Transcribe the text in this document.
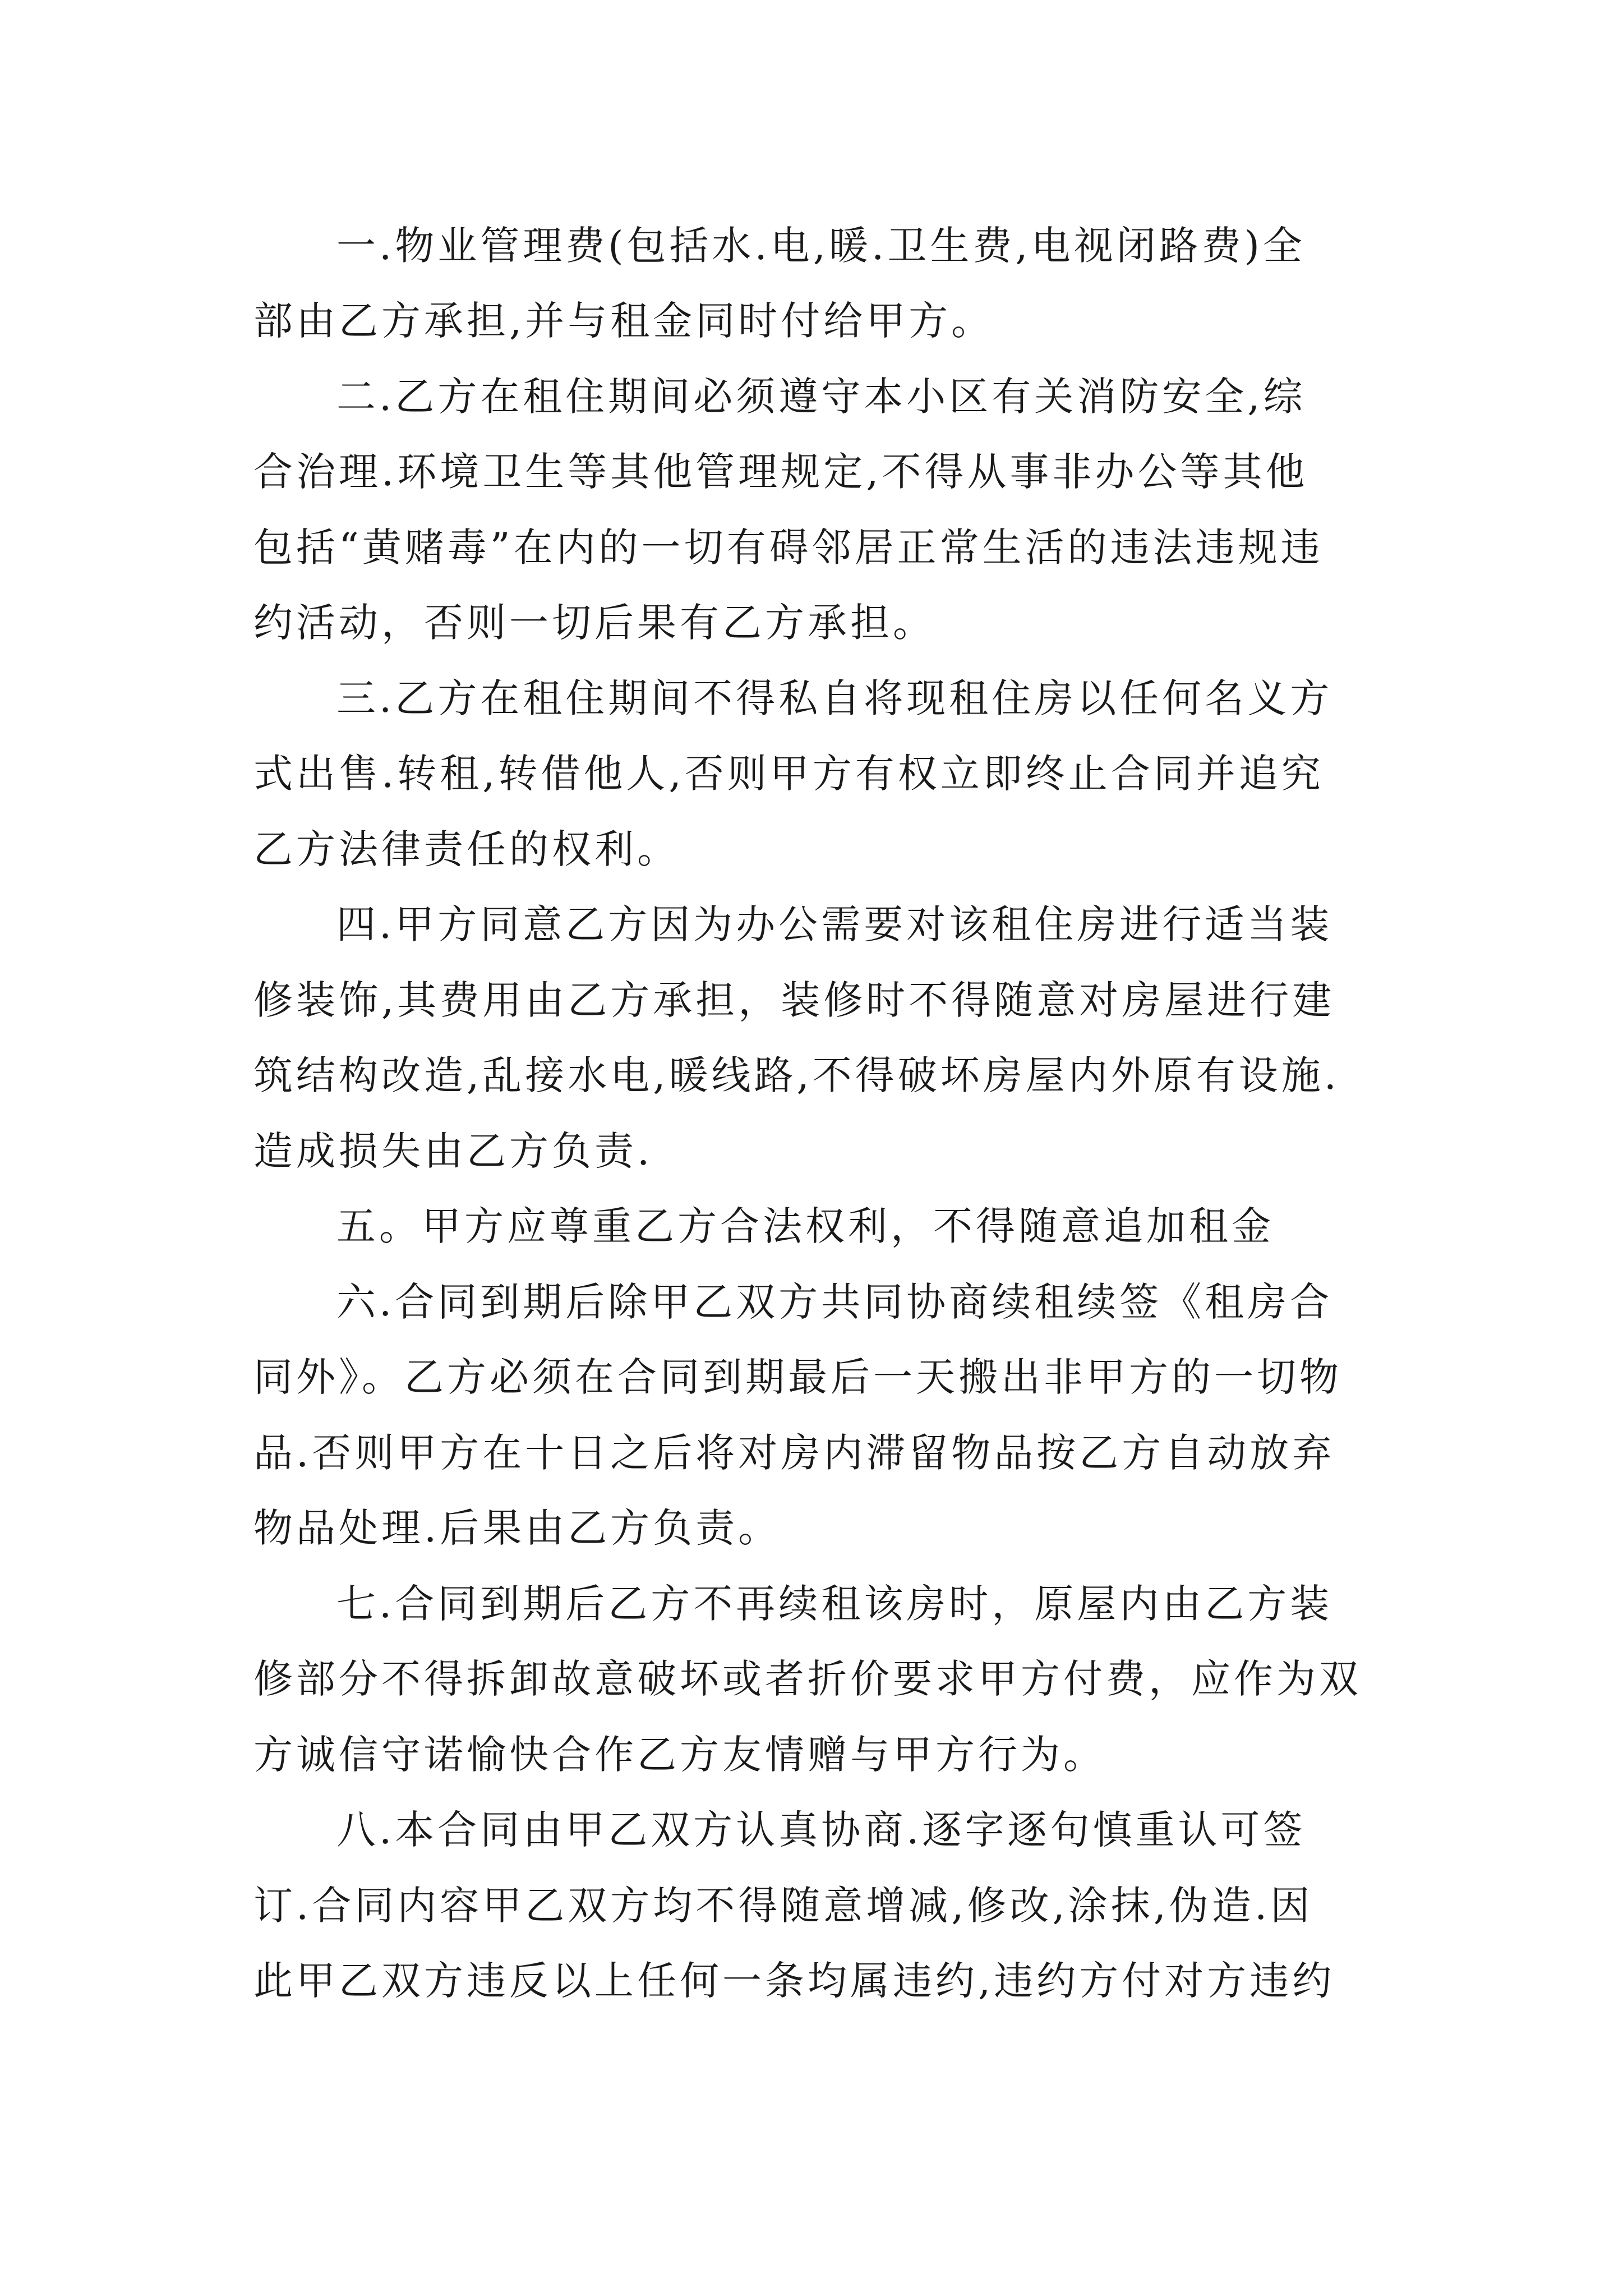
一.物业管理费(包括水.电,暖.卫生费,电视闭路费)全

部由乙方承担,并与租金同时付给甲方。

二.乙方在租住期间必须遵守本小区有关消防安全,综

合治理.环境卫生等其他管理规定,不得从事非办公等其他

包括“黄赌毒”在内的一切有碍邻居正常生活的违法违规违

约活动，否则一切后果有乙方承担。

三.乙方在租住期间不得私自将现租住房以任何名义方

式出售.转租,转借他人,否则甲方有权立即终止合同并追究

乙方法律责任的权利。

四.甲方同意乙方因为办公需要对该租住房进行适当装

修装饰,其费用由乙方承担，装修时不得随意对房屋进行建

筑结构改造,乱接水电,暖线路,不得破坏房屋内外原有设施.

造成损失由乙方负责.

五。甲方应尊重乙方合法权利，不得随意追加租金

六.合同到期后除甲乙双方共同协商续租续签《租房合

同外》。乙方必须在合同到期最后一天搬出非甲方的一切物

品.否则甲方在十日之后将对房内滞留物品按乙方自动放弃

物品处理.后果由乙方负责。

七.合同到期后乙方不再续租该房时，原屋内由乙方装

修部分不得拆卸故意破坏或者折价要求甲方付费，应作为双

方诚信守诺愉快合作乙方友情赠与甲方行为。

八.本合同由甲乙双方认真协商.逐字逐句慎重认可签

订.合同内容甲乙双方均不得随意增减,修改,涂抹,伪造.因

此甲乙双方违反以上任何一条均属违约,违约方付对方违约
